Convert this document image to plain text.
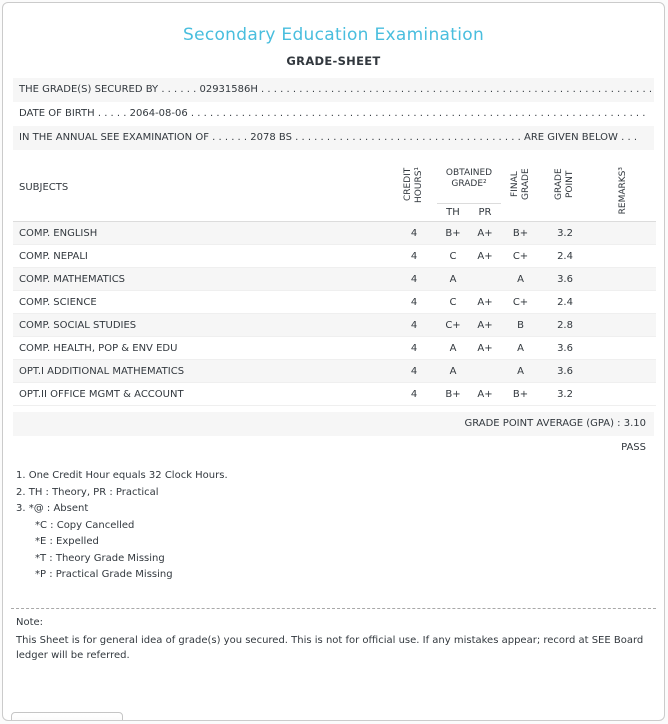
Secondary Education Examination
GRADE-SHEET
THE GRADE(S) SECURED BY . . . . . . 02931586H . . . . . . . . . . . . . . . . . . . . . . . . . . . . . . . . . . . . . . . . . . . . . . . . . . . . . . . . . . . . . .
DATE OF BIRTH . . . . . 2064-08-06 . . . . . . . . . . . . . . . . . . . . . . . . . . . . . . . . . . . . . . . . . . . . . . . . . . . . . . . . . . . . . . . . . . . . . . . .
IN THE ANNUAL SEE EXAMINATION OF . . . . . . 2078 BS . . . . . . . . . . . . . . . . . . . . . . . . . . . . . . . . . . . . ARE GIVEN BELOW . . .
SUBJECTS	CREDIT HOURS¹	OBTAINED GRADE²		FINAL GRADE	GRADE POINT	REMARKS³
		TH	PR			
COMP. ENGLISH	4	B+	A+	B+	3.2	
COMP. NEPALI	4	C	A+	C+	2.4	
COMP. MATHEMATICS	4	A		A	3.6	
COMP. SCIENCE	4	C	A+	C+	2.4	
COMP. SOCIAL STUDIES	4	C+	A+	B	2.8	
COMP. HEALTH, POP & ENV EDU	4	A	A+	A	3.6	
OPT.I ADDITIONAL MATHEMATICS	4	A		A	3.6	
OPT.II OFFICE MGMT & ACCOUNT	4	B+	A+	B+	3.2	
GRADE POINT AVERAGE (GPA) : 3.10
PASS
1. One Credit Hour equals 32 Clock Hours.
2. TH : Theory, PR : Practical
3. *@ : Absent
*C : Copy Cancelled
*E : Expelled
*T : Theory Grade Missing
*P : Practical Grade Missing
Note:
This Sheet is for general idea of grade(s) you secured. This is not for official use. If any mistakes appear; record at SEE Board ledger will be referred.
